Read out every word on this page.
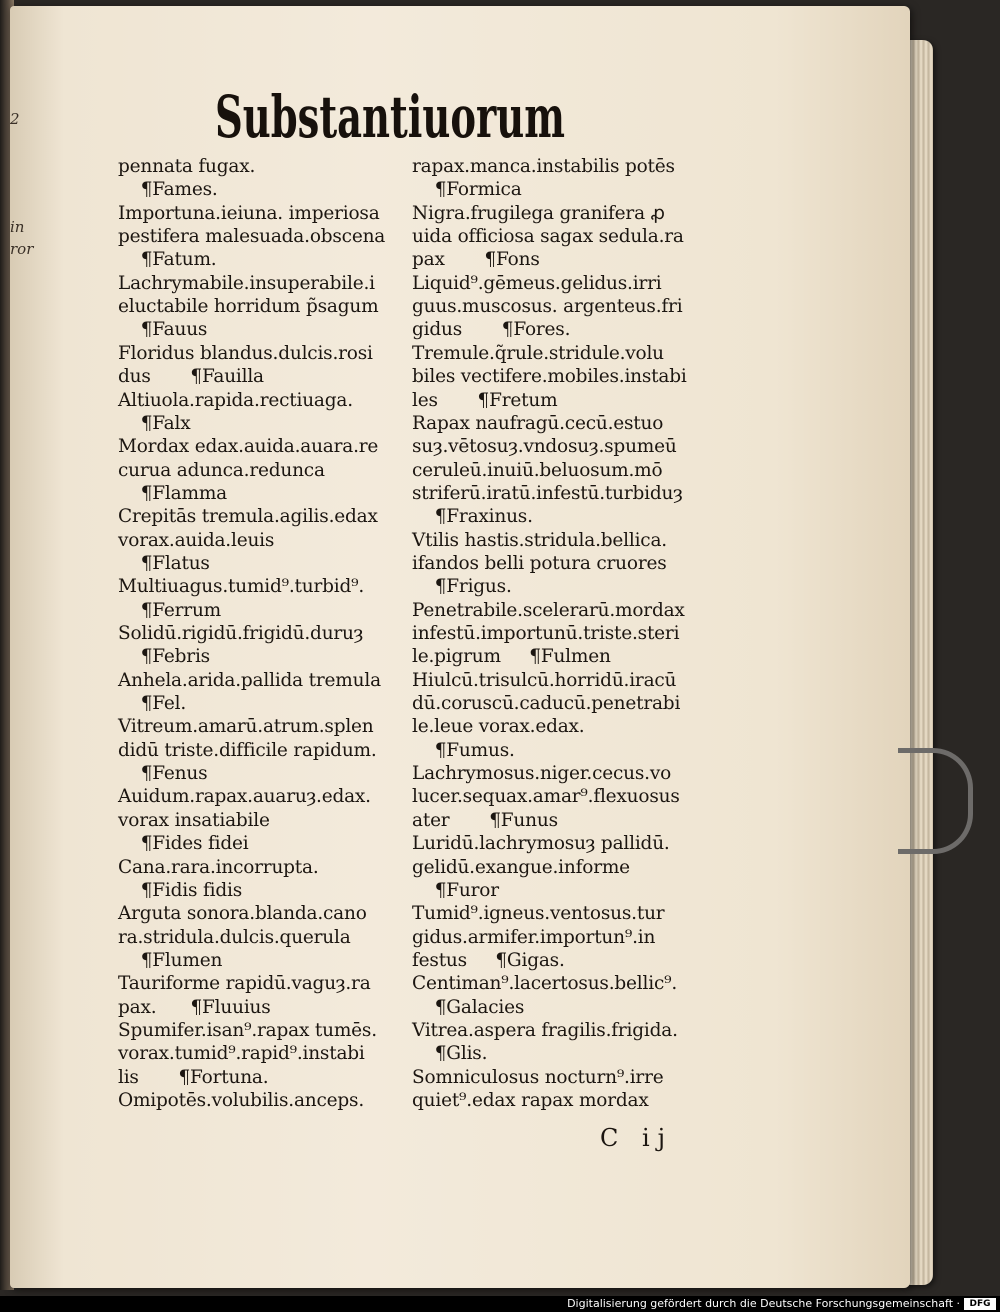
2
in
ror
Substantiuorum
pennata fugax.
¶Fames.
Importuna.ieiuna. imperiosa
pestifera malesuada.obscena
¶Fatum.
Lachrymabile.insuperabile.i
eluctabile horridum p̃sagum
¶Fauus
Floridus blandus.dulcis.rosi
dus       ¶Fauilla
Altiuola.rapida.rectiuaga.
¶Falx
Mordax edax.auida.auara.re
curua adunca.redunca
¶Flamma
Crepitās tremula.agilis.edax
vorax.auida.leuis
¶Flatus
Multiuagus.tumid⁹.turbid⁹.
¶Ferrum
Solidū.rigidū.frigidū.duruȝ
¶Febris
Anhela.arida.pallida tremula
¶Fel.
Vitreum.amarū.atrum.splen
didū triste.difficile rapidum.
¶Fenus
Auidum.rapax.auaruȝ.edax.
vorax insatiabile
¶Fides fidei
Cana.rara.incorrupta.
¶Fidis fidis
Arguta sonora.blanda.cano
ra.stridula.dulcis.querula
¶Flumen
Tauriforme rapidū.vaguȝ.ra
pax.      ¶Fluuius
Spumifer.isan⁹.rapax tumēs.
vorax.tumid⁹.rapid⁹.instabi
lis       ¶Fortuna.
Omipotēs.volubilis.anceps.
rapax.manca.instabilis potēs
¶Formica
Nigra.frugilega granifera ꝓ
uida officiosa sagax sedula.ra
pax       ¶Fons
Liquid⁹.gēmeus.gelidus.irri
guus.muscosus. argenteus.fri
gidus       ¶Fores.
Tremule.q̃rule.stridule.volu
biles vectifere.mobiles.instabi
les       ¶Fretum
Rapax naufragū.cecū.estuo
suȝ.vētosuȝ.vndosuȝ.spumeū
ceruleū.inuiū.beluosum.mō
striferū.iratū.infestū.turbiduȝ
¶Fraxinus.
Vtilis hastis.stridula.bellica.
ifandos belli potura cruores
¶Frigus.
Penetrabile.scelerarū.mordax
infestū.importunū.triste.steri
le.pigrum     ¶Fulmen
Hiulcū.trisulcū.horridū.iracū
dū.coruscū.caducū.penetrabi
le.leue vorax.edax.
¶Fumus.
Lachrymosus.niger.cecus.vo
lucer.sequax.amar⁹.flexuosus
ater       ¶Funus
Luridū.lachrymosuȝ pallidū.
gelidū.exangue.informe
¶Furor
Tumid⁹.igneus.ventosus.tur
gidus.armifer.importun⁹.in
festus     ¶Gigas.
Centiman⁹.lacertosus.bellic⁹.
¶Galacies
Vitrea.aspera fragilis.frigida.
¶Glis.
Somniculosus nocturn⁹.irre
quiet⁹.edax rapax mordax
C ij
Digitalisierung gefördert durch die Deutsche Forschungsgemeinschaft ·	DFG
